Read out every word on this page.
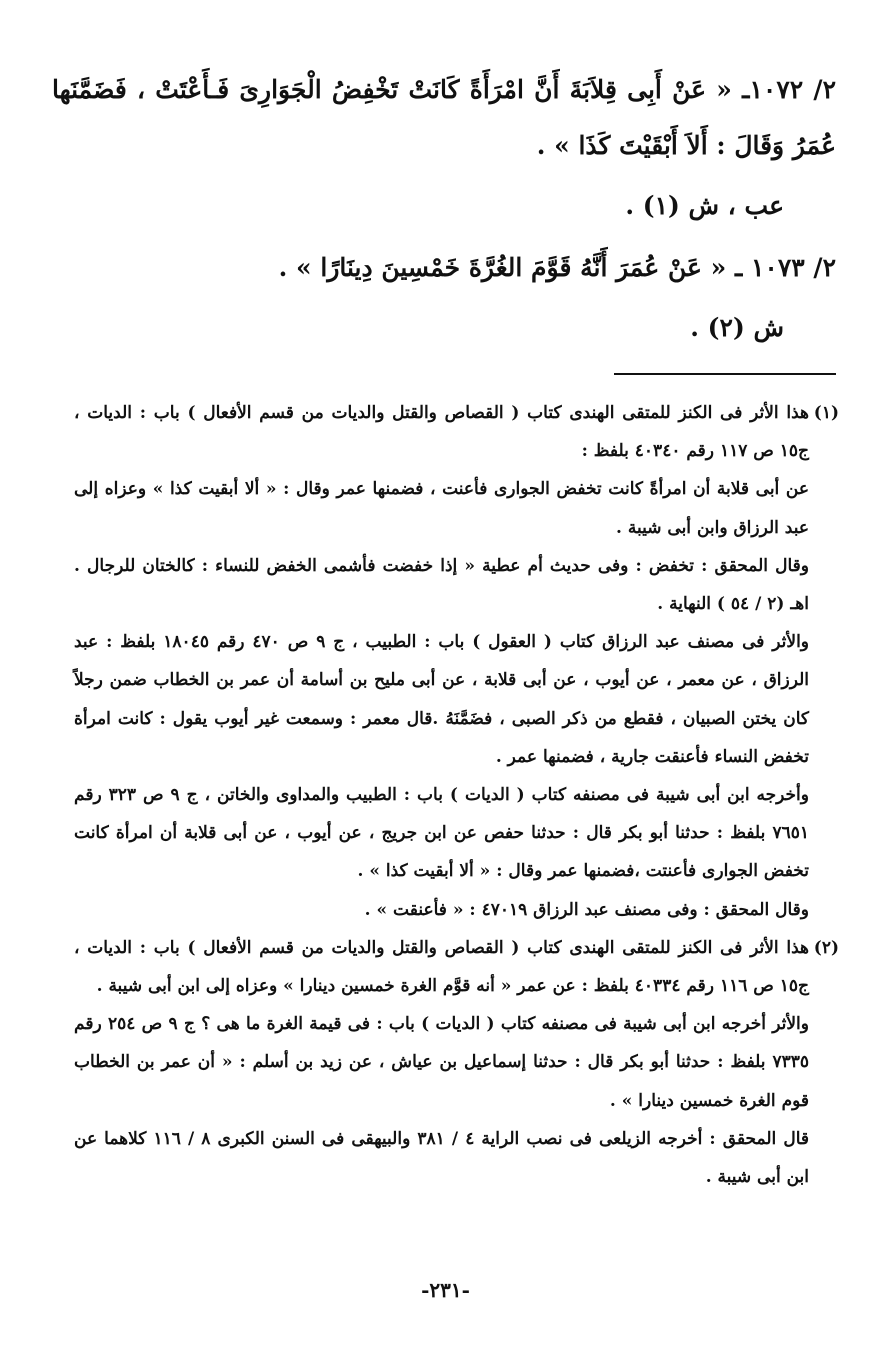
٢/ ١٠٧٢ـ « عَنْ أَبِى قِلاَبَةَ أَنَّ امْرَأَةً كَانَتْ تَخْفِضُ الْجَوَارِىَ فَـأَعْتَتْ ، فَضَمَّنَها عُمَرُ وَقَالَ : أَلاَ أَبْقَيْتَ كَذَا » .

عب ، ش (١) .

٢/ ١٠٧٣ ـ « عَنْ عُمَرَ أَنَّهُ قَوَّمَ الغُرَّةَ خَمْسِينَ دِينَارًا » .

ش (٢) .

(١)هذا الأثر فى الكنز للمتقى الهندى كتاب ( القصاص والقتل والديات من قسم الأفعال ) باب : الديات ، ج١٥ ص ١١٧ رقم ٤٠٣٤٠ بلفظ :

عن أبى قلابة أن امرأةً كانت تخفض الجوارى فأعنت ، فضمنها عمر وقال : « ألا أبقيت كذا » وعزاه إلى عبد الرزاق وابن أبى شيبة .

وقال المحقق : تخفض : وفى حديث أم عطية « إذا خفضت فأشمى الخفض للنساء : كالختان للرجال . اهـ (٢ / ٥٤ ) النهاية .

والأثر فى مصنف عبد الرزاق كتاب ( العقول ) باب : الطبيب ، ج ٩ ص ٤٧٠ رقم ١٨٠٤٥ بلفظ : عبد الرزاق ، عن معمر ، عن أيوب ، عن أبى قلابة ، عن أبى مليح بن أسامة أن عمر بن الخطاب ضمن رجلاً كان يختن الصبيان ، فقطع من ذكر الصبى ، فضَمَّنَهُ .قال معمر : وسمعت غير أيوب يقول : كانت امرأة تخفض النساء فأعنقت جارية ، فضمنها عمر .

وأخرجه ابن أبى شيبة فى مصنفه كتاب ( الديات ) باب : الطبيب والمداوى والخاتن ، ج ٩ ص ٣٢٣ رقم ٧٦٥١ بلفظ : حدثنا أبو بكر قال : حدثنا حفص عن ابن جريج ، عن أيوب ، عن أبى قلابة أن امرأة كانت تخفض الجوارى فأعنتت ،فضمنها عمر وقال : « ألا أبقيت كذا » .

وقال المحقق : وفى مصنف عبد الرزاق ٤٧٠١٩ : « فأعنقت » .

(٢)هذا الأثر فى الكنز للمتقى الهندى كتاب ( القصاص والقتل والديات من قسم الأفعال ) باب : الديات ، ج١٥ ص ١١٦ رقم ٤٠٣٣٤ بلفظ : عن عمر « أنه قوَّم الغرة خمسين دينارا » وعزاه إلى ابن أبى شيبة .

والأثر أخرجه ابن أبى شيبة فى مصنفه كتاب ( الديات ) باب : فى قيمة الغرة ما هى ؟ ج ٩ ص ٢٥٤ رقم ٧٣٣٥ بلفظ : حدثنا أبو بكر قال : حدثنا إسماعيل بن عياش ، عن زيد بن أسلم : « أن عمر بن الخطاب قوم الغرة خمسين دينارا » .

قال المحقق : أخرجه الزيلعى فى نصب الراية ٤ / ٣٨١ والبيهقى فى السنن الكبرى ٨ / ١١٦ كلاهما عن ابن أبى شيبة .

-٢٣١-
